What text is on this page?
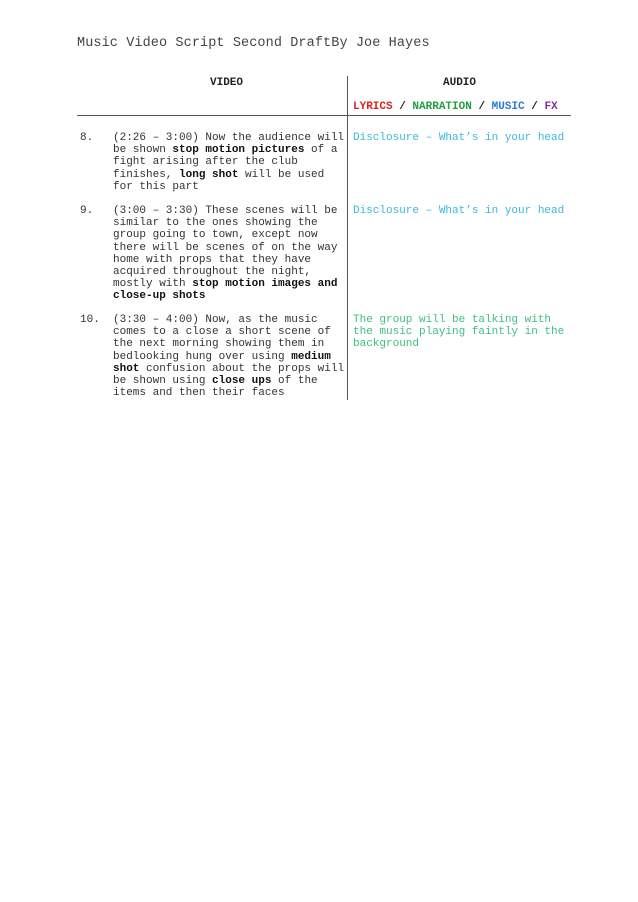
Music Video Script Second DraftBy Joe Hayes
VIDEO	AUDIO
LYRICS / NARRATION / MUSIC / FX
8. (2:26 – 3:00) Now the audience will be shown stop motion pictures of a fight arising after the club finishes, long shot will be used for this part
Disclosure – What’s in your head
9. (3:00 – 3:30) These scenes will be similar to the ones showing the group going to town, except now there will be scenes of on the way home with props that they have acquired throughout the night, mostly with stop motion images and close-up shots
Disclosure – What’s in your head
10. (3:30 – 4:00) Now, as the music comes to a close a short scene of the next morning showing them in bedlooking hung over using medium shot confusion about the props will be shown using close ups of the items and then their faces
The group will be talking with the music playing faintly in the background
